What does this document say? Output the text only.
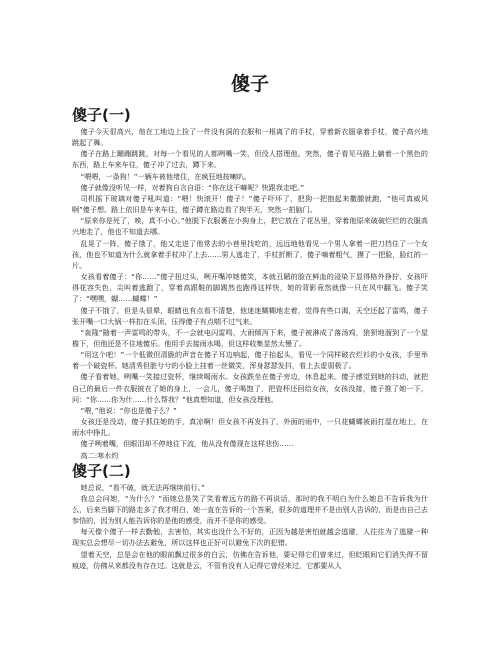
傻子
傻子(一)

傻子今天很高兴，他在工地边上捡了一件没有洞的衣服和一根离了的手杖，穿着新衣服拿着手杖，傻子高兴地跳起了舞。

傻子在路上蹦蹦跳跳，对每一个看见的人都咧嘴一笑，但没人搭理他。突然，傻子看见马路上躺着一个黑色的东西，路上车来车往，傻子冲了过去，蹲下来。

“喂喂，一条狗！”一辆车被他堵住，在疯狂地按喇叭。

傻子就像没听见一样，对着狗自言自语：“你在这干嘛呢？快跟我走吧。”

司机摇下玻璃对傻子吼叫道：“喂！快滚开！傻子！”傻子吓坏了，把狗一把抱起来撒腿就跑，“他可真威风啊”傻子想。路上依旧是车来车往，傻子蹲在路边看了狗半天，突然一拍脑门。

“原来你是死了，唉，真不小心。”他脱下衣服裹在小狗身上，把它放在了花丛里，穿着他原来破破烂烂的衣服高兴地走了，他也不知道去哪。

乱晃了一阵，傻子饿了，他又走进了他常去的小巷里找吃的，远远地他看见一个男人拿着一把刀挡住了一个女孩，他也不知道为什么就拿着手杖冲了上去……男人逃走了，手杖折断了，傻子嘀着粗气，摸了一把脸，脸红的一片。

女孩看着傻子：“你……”傻子扭过头，咧开嘴冲她傻笑，本就丑陋的脸在鲜血的浸染下显得格外狰狞，女孩吓得花容失色，尖叫着逃跑了，穿着高跟鞋的脚踢然也跑得这样快，她的背影竟然就像一只在风中翻飞。傻子笑了：“嘿嘿，蝴……蝴蝶！”

傻子不饿了，但是头很晕，眼睛也有点看不清楚，他迷迷糊糊地走着，觉得有些口渴，天空还起了雷鸣，傻子张开嘴一口大锅一样扣在头顶，压得傻子有点喘不过气来。

“轰隆”随着一声雷鸣的带头，不一会就电闪雷鸣，大雨倾泻下来，傻子被淋成了落汤鸡，狼狈地溜到了一个屋檐下，但他还是不住地傻乐。他用手去接雨水喝，但这样收集显然太慢了。

“用这个吧！”一个低微但清脆的声音在傻子耳边响起，傻子抬起头，看见一个同样破衣烂衫的小女孩，手里举着一个破瓷杯。她清秀但脏兮兮的小脸上挂着一丝微笑，浑身瑟瑟发抖，看上去虚弱极了。

傻子看着她，咧嘴一笑接过瓷杯，继续喝雨水。女孩跌坐在傻子旁边，休息起来。傻子感觉到她的抖动，就把自己的最后一件衣服披在了她的身上，一会儿，傻子喝饱了，把瓷杯还回给女孩，女孩没接，傻子推了她一下，问：“你……你为什……什么帮我？”他真想知道，但女孩没理他。

“喂，”他说：“你也是傻子么？”

女孩还是没动，傻子抓住她的手，真凉啊！但女孩不再发抖了，外面的雨中，一只花蝴蝶被雨打湿在地上，在雨水中挣扎。

傻子咧着嘴，但眼泪却不停地往下流，他从没有像现在这样悲伤……

高二:寒水灼

傻子(二)

她总说，“看不破，就无法再继续前行。”

我总会问她，“为什么？”而她总是笑了笑看着远方的路不再说话，那时的我不明白为什么她总不告诉我为什么，后来当脚下的路走多了我才明白，她一直在告诉的一个答案，很多的道理并不是由别人告诉的，而是由自己去参悟的，因为别人能告诉你的是他的感受，而并不是你的感受。

每天像个傻子一样去勤勉，去害怕，其实也没什么不好的，正因为越是害怕就越会逃避，人往往为了逃避一种现实总会想尽一切办法去避免，所以这样也正好可以避免下次的犯错。

望着天空，总是会在他的眼前飘过很多的白云，仿佛在告诉他，要记得它们曾来过，但眨眼间它们消失得不留痕迹，仿佛从来都没有存在过。这就是云，不管有没有人记得它曾经来过，它都要从人
